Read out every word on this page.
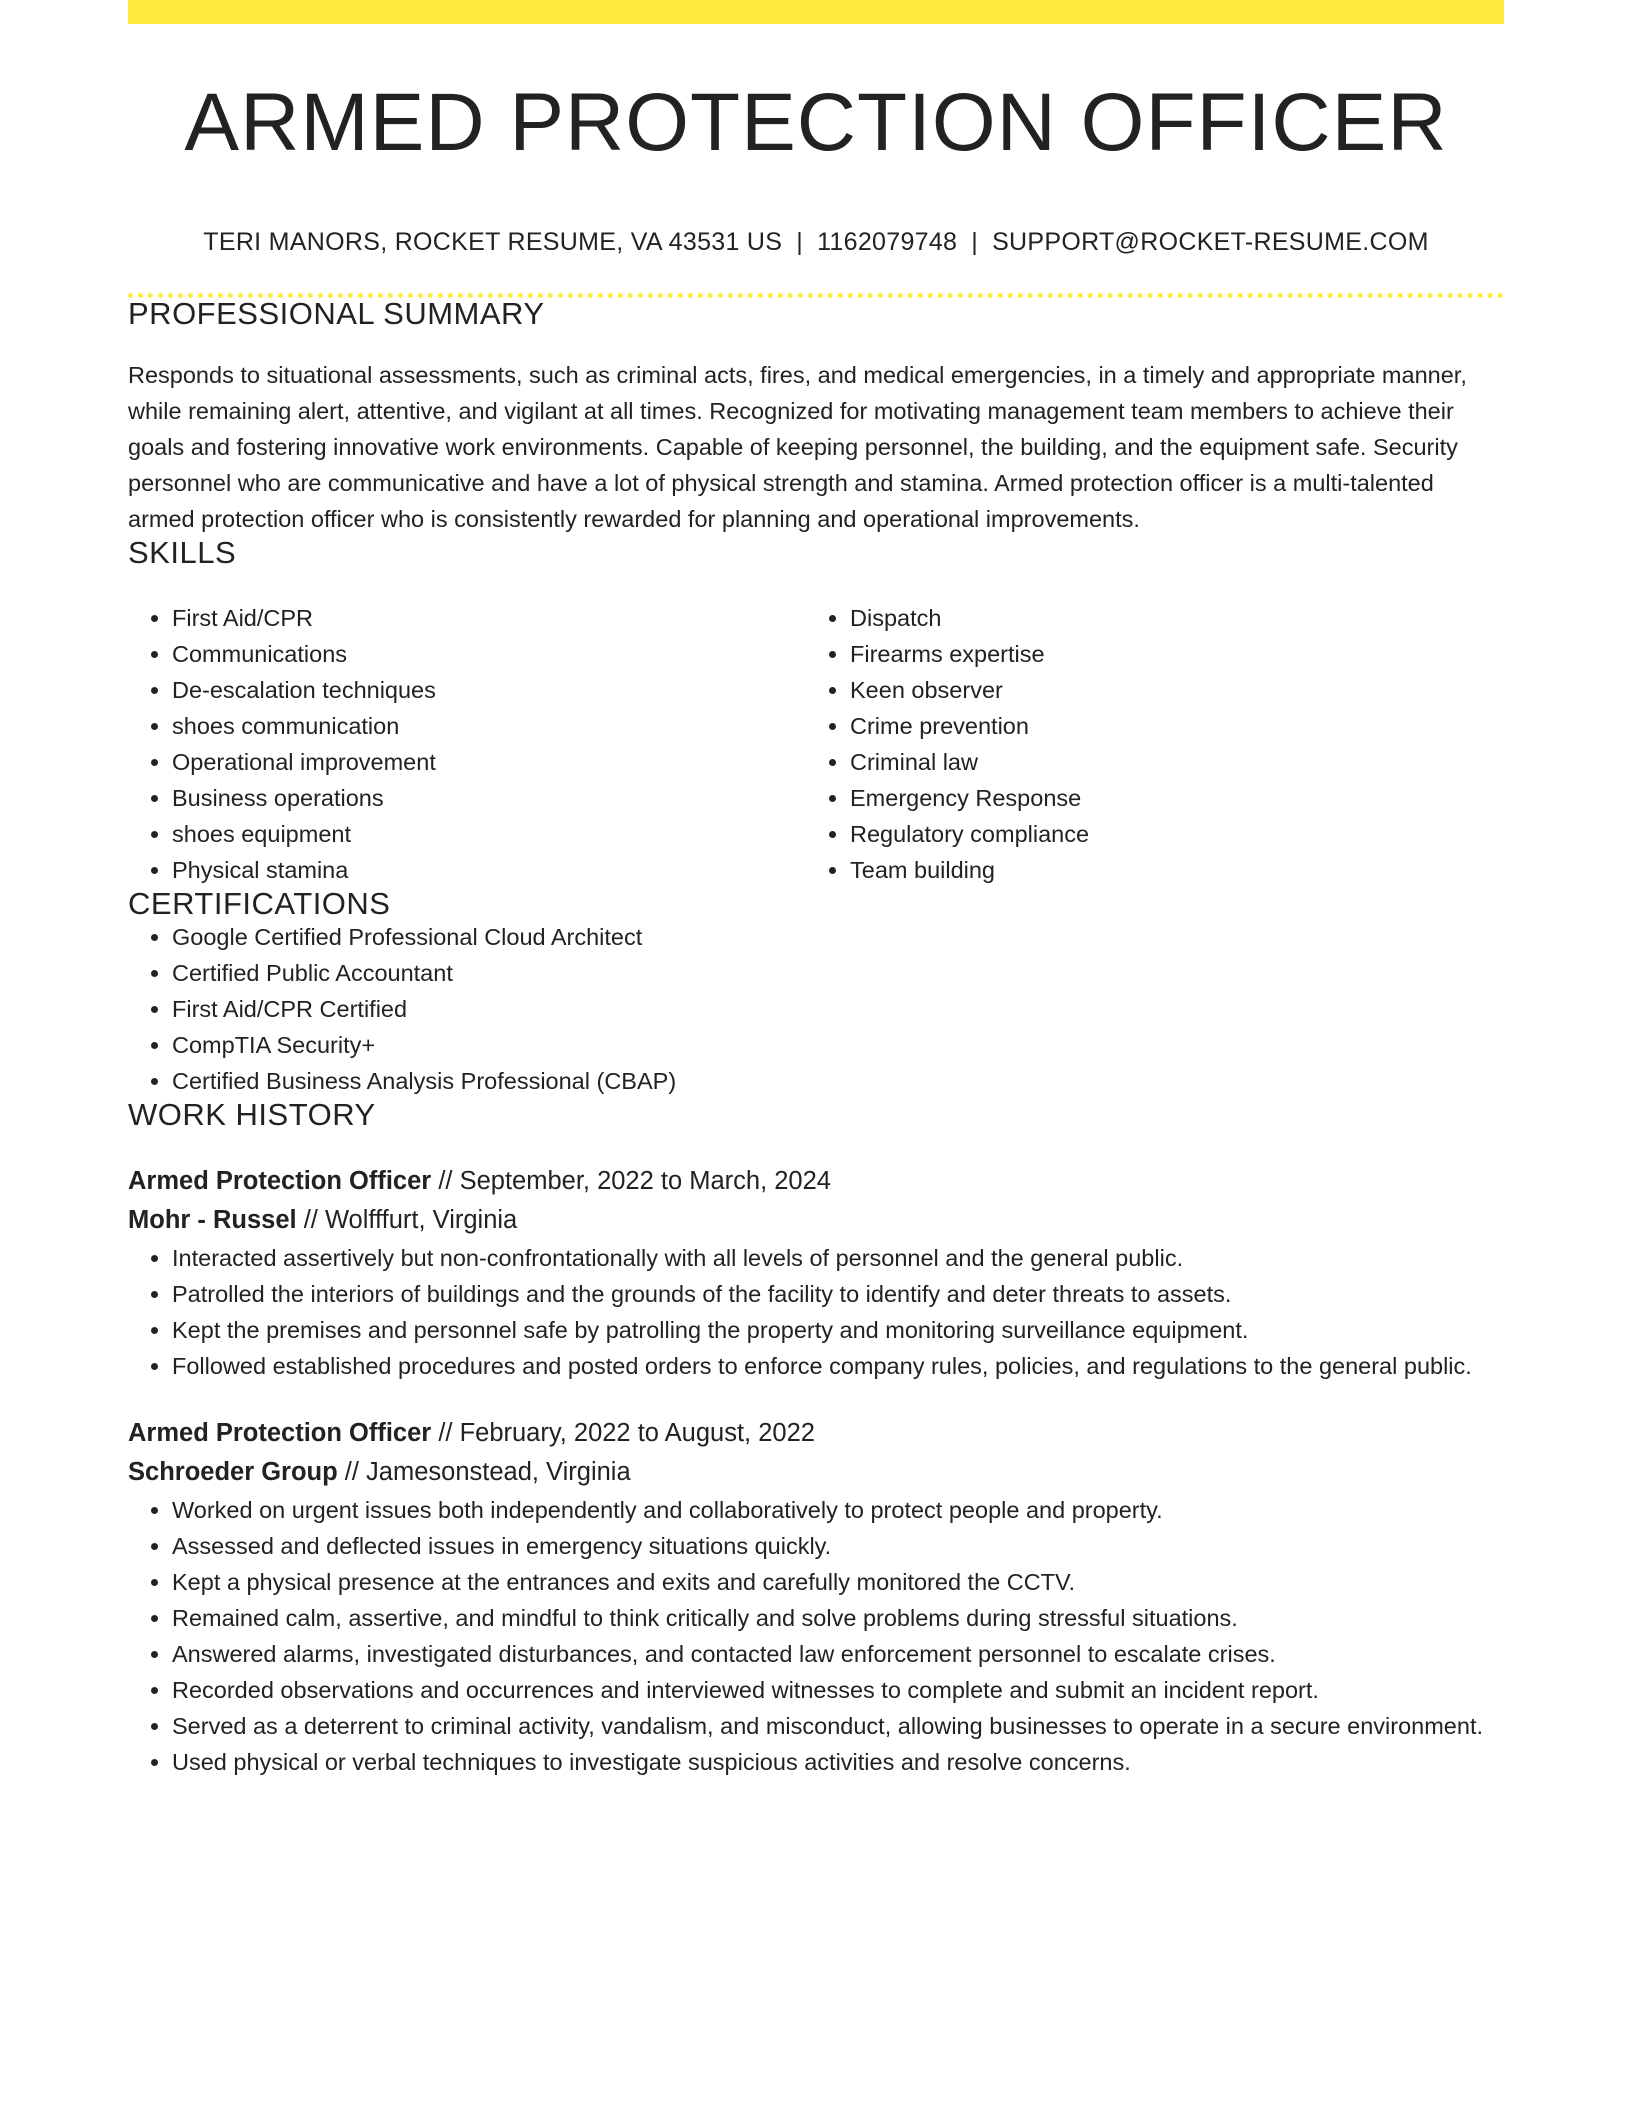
ARMED PROTECTION OFFICER
TERI MANORS, ROCKET RESUME, VA 43531 US | 1162079748 | SUPPORT@ROCKET-RESUME.COM
PROFESSIONAL SUMMARY

Responds to situational assessments, such as criminal acts, fires, and medical emergencies, in a timely and appropriate manner, while remaining alert, attentive, and vigilant at all times. Recognized for motivating management team members to achieve their goals and fostering innovative work environments. Capable of keeping personnel, the building, and the equipment safe. Security personnel who are communicative and have a lot of physical strength and stamina. Armed protection officer is a multi-talented armed protection officer who is consistently rewarded for planning and operational improvements.

SKILLS
• First Aid/CPR
• Communications
• De-escalation techniques
• shoes communication
• Operational improvement
• Business operations
• shoes equipment
• Physical stamina
• Dispatch
• Firearms expertise
• Keen observer
• Crime prevention
• Criminal law
• Emergency Response
• Regulatory compliance
• Team building
CERTIFICATIONS
• Google Certified Professional Cloud Architect
• Certified Public Accountant
• First Aid/CPR Certified
• CompTIA Security+
• Certified Business Analysis Professional (CBAP)
WORK HISTORY
Armed Protection Officer // September, 2022 to March, 2024
Mohr - Russel // Wolfffurt, Virginia
• Interacted assertively but non-confrontationally with all levels of personnel and the general public.
• Patrolled the interiors of buildings and the grounds of the facility to identify and deter threats to assets.
• Kept the premises and personnel safe by patrolling the property and monitoring surveillance equipment.
• Followed established procedures and posted orders to enforce company rules, policies, and regulations to the general public.
Armed Protection Officer // February, 2022 to August, 2022
Schroeder Group // Jamesonstead, Virginia
• Worked on urgent issues both independently and collaboratively to protect people and property.
• Assessed and deflected issues in emergency situations quickly.
• Kept a physical presence at the entrances and exits and carefully monitored the CCTV.
• Remained calm, assertive, and mindful to think critically and solve problems during stressful situations.
• Answered alarms, investigated disturbances, and contacted law enforcement personnel to escalate crises.
• Recorded observations and occurrences and interviewed witnesses to complete and submit an incident report.
• Served as a deterrent to criminal activity, vandalism, and misconduct, allowing businesses to operate in a secure environment.
• Used physical or verbal techniques to investigate suspicious activities and resolve concerns.
